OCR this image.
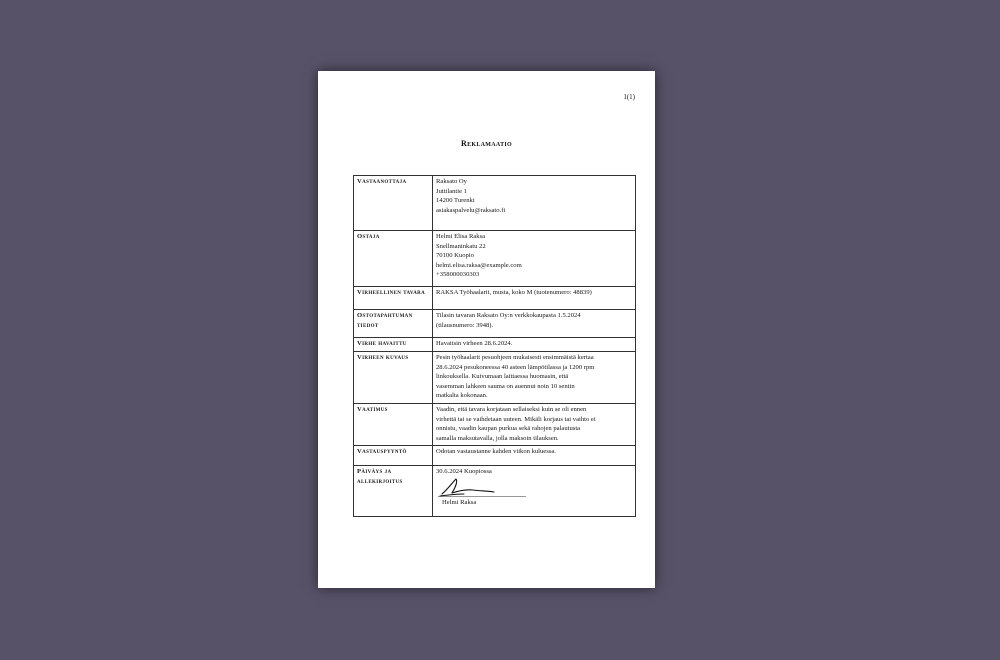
1(1)
Reklamaatio
Vastaanottaja	Raksato Oy
Juttilantie 1
14200 Turenki
asiakaspalvelu@raksato.fi

Ostaja	Helmi Elisa Raksa
Snellmaninkatu 22
70100 Kuopio
helmi.elisa.raksa@example.com
+358000030303

Virheellinen tavara	RAKSA Työhaalarit, musta, koko M (tuotenumero: 48839)

Ostotapahtuman tiedot	Tilasin tavaran Raksato Oy:n verkkokaupasta 1.5.2024
(tilausnumero: 3948).

Virhe havaittu	Havaitsin virheen 28.6.2024.

Virheen kuvaus	Pesin työhaalarit pesuohjeen mukaisesti ensimmäistä kertaa
28.6.2024 pesukoneessa 40 asteen lämpötilassa ja 1200 rpm
linkouksella. Kuivumaan laittaessa huomasin, että
vasemman lahkeen sauma on auennut noin 10 sentin
matkalta kokonaan.

Vaatimus	Vaadin, että tavara korjataan sellaiseksi kuin se oli ennen
virhettä tai se vaihdetaan uuteen. Mikäli korjaus tai vaihto ei
onnistu, vaadin kaupan purkua sekä rahojen palautusta
samalla maksutavalla, jolla maksoin tilauksen.

Vastauspyyntö	Odotan vastaustanne kahden viikon kuluessa.

Päiväys ja allekirjoitus	30.6.2024 Kuopiossa
Helmi Raksa
